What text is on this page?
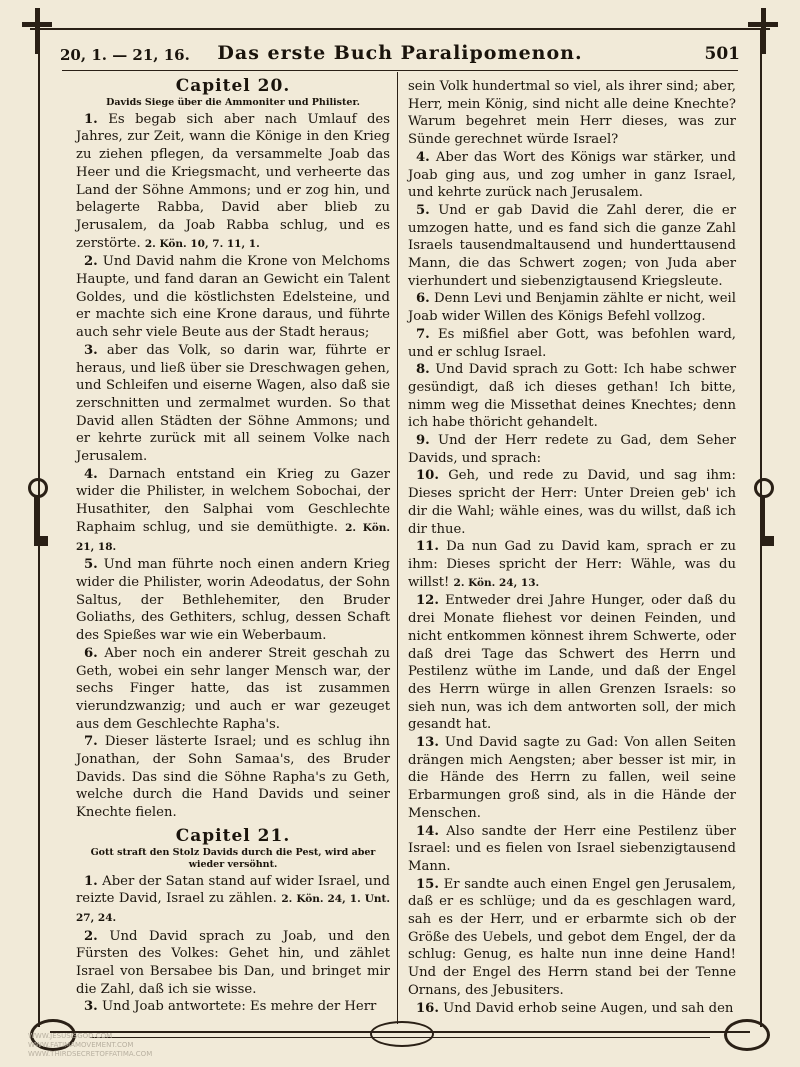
WWW.JESUSISGOD.COM
WWW.FATIMAMOVEMENT.COM
WWW.THIRDSECRETOFFATIMA.COM
20, 1. — 21, 16.	Das erste Buch Paralipomenon.	501
Capitel 20.
Davids Siege über die Ammoniter und Philister.

1. Es begab sich aber nach Umlauf des Jahres, zur Zeit, wann die Könige in den Krieg zu ziehen pflegen, da versammelte Joab das Heer und die Kriegsmacht, und verheerte das Land der Söhne Ammons; und er zog hin, und belagerte Rabba, David aber blieb zu Jerusalem, da Joab Rabba schlug, und es zerstörte. 2. Kön. 10, 7. 11, 1.

2. Und David nahm die Krone von Melchoms Haupte, und fand daran an Gewicht ein Talent Goldes, und die köstlichsten Edelsteine, und er machte sich eine Krone daraus, und führte auch sehr viele Beute aus der Stadt heraus;

3. aber das Volk, so darin war, führte er heraus, und ließ über sie Dreschwagen gehen, und Schleifen und eiserne Wagen, also daß sie zerschnitten und zermalmet wurden. So that David allen Städten der Söhne Ammons; und er kehrte zurück mit all seinem Volke nach Jerusalem.

4. Darnach entstand ein Krieg zu Gazer wider die Philister, in welchem Sobochai, der Husathiter, den Salphai vom Geschlechte Raphaim schlug, und sie demüthigte. 2. Kön. 21, 18.

5. Und man führte noch einen andern Krieg wider die Philister, worin Adeodatus, der Sohn Saltus, der Bethlehemiter, den Bruder Goliaths, des Gethiters, schlug, dessen Schaft des Spießes war wie ein Weberbaum.

6. Aber noch ein anderer Streit geschah zu Geth, wobei ein sehr langer Mensch war, der sechs Finger hatte, das ist zusammen vierundzwanzig; und auch er war gezeuget aus dem Geschlechte Rapha's.

7. Dieser lästerte Israel; und es schlug ihn Jonathan, der Sohn Samaa's, des Bruder Davids. Das sind die Söhne Rapha's zu Geth, welche durch die Hand Davids und seiner Knechte fielen.

Capitel 21.
Gott straft den Stolz Davids durch die Pest, wird aber wieder versöhnt.

1. Aber der Satan stand auf wider Israel, und reizte David, Israel zu zählen. 2. Kön. 24, 1. Unt. 27, 24.

2. Und David sprach zu Joab, und den Fürsten des Volkes: Gehet hin, und zählet Israel von Bersabee bis Dan, und bringet mir die Zahl, daß ich sie wisse.

3. Und Joab antwortete: Es mehre der Herr

sein Volk hundertmal so viel, als ihrer sind; aber, Herr, mein König, sind nicht alle deine Knechte? Warum begehret mein Herr dieses, was zur Sünde gerechnet würde Israel?

4. Aber das Wort des Königs war stärker, und Joab ging aus, und zog umher in ganz Israel, und kehrte zurück nach Jerusalem.

5. Und er gab David die Zahl derer, die er umzogen hatte, und es fand sich die ganze Zahl Israels tausendmaltausend und hunderttausend Mann, die das Schwert zogen; von Juda aber vierhundert und siebenzigtausend Kriegsleute.

6. Denn Levi und Benjamin zählte er nicht, weil Joab wider Willen des Königs Befehl vollzog.

7. Es mißfiel aber Gott, was befohlen ward, und er schlug Israel.

8. Und David sprach zu Gott: Ich habe schwer gesündigt, daß ich dieses gethan! Ich bitte, nimm weg die Missethat deines Knechtes; denn ich habe thöricht gehandelt.

9. Und der Herr redete zu Gad, dem Seher Davids, und sprach:

10. Geh, und rede zu David, und sag ihm: Dieses spricht der Herr: Unter Dreien geb' ich dir die Wahl; wähle eines, was du willst, daß ich dir thue.

11. Da nun Gad zu David kam, sprach er zu ihm: Dieses spricht der Herr: Wähle, was du willst! 2. Kön. 24, 13.

12. Entweder drei Jahre Hunger, oder daß du drei Monate fliehest vor deinen Feinden, und nicht entkommen könnest ihrem Schwerte, oder daß drei Tage das Schwert des Herrn und Pestilenz wüthe im Lande, und daß der Engel des Herrn würge in allen Grenzen Israels: so sieh nun, was ich dem antworten soll, der mich gesandt hat.

13. Und David sagte zu Gad: Von allen Seiten drängen mich Aengsten; aber besser ist mir, in die Hände des Herrn zu fallen, weil seine Erbarmungen groß sind, als in die Hände der Menschen.

14. Also sandte der Herr eine Pestilenz über Israel: und es fielen von Israel siebenzigtausend Mann.

15. Er sandte auch einen Engel gen Jerusalem, daß er es schlüge; und da es geschlagen ward, sah es der Herr, und er erbarmte sich ob der Größe des Uebels, und gebot dem Engel, der da schlug: Genug, es halte nun inne deine Hand! Und der Engel des Herrn stand bei der Tenne Ornans, des Jebusiters.

16. Und David erhob seine Augen, und sah den
